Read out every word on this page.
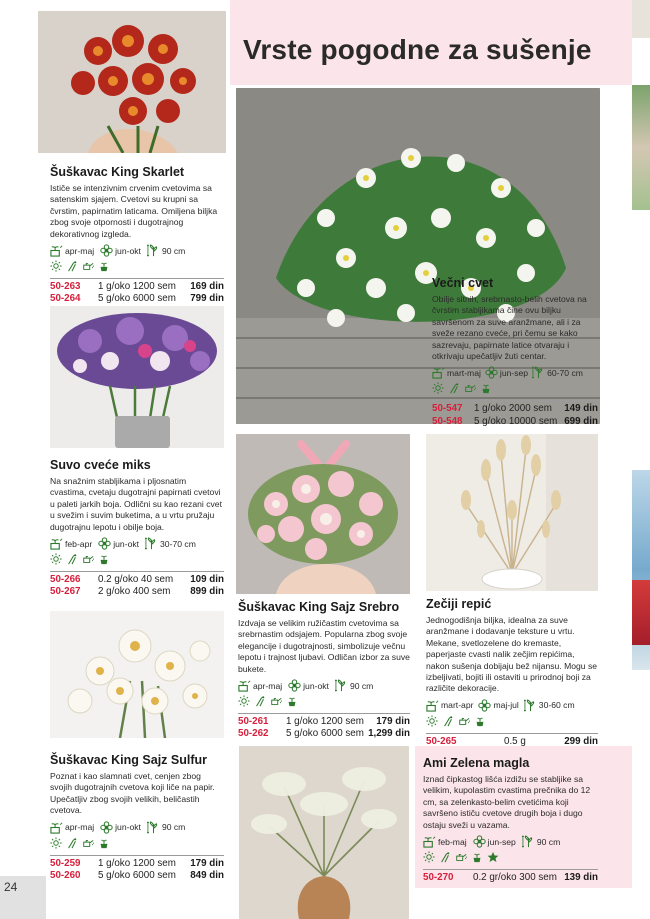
Vrste pogodne za sušenje
Šuškavac King Skarlet
Ističe se intenzivnim crvenim cvetovima sa satenskim sjajem. Cvetovi su krupni sa čvrstim, papirnatim laticama. Omiljena biljka zbog svoje otpornosti i dugotrajnog dekorativnog izgleda.
apr-maj jun-okt 90 cm
50-263	1 g/oko 1200 sem	169 din
50-264	5 g/oko 6000 sem	799 din
Večni cvet
Obilje sitnih, srebrnasto-belih cvetova na čvrstim stabljikama čine ovu biljku savršenom za suve aranžmane, ali i za sveže rezano cveće, pri čemu se kako sazrevaju, papirnate latice otvaraju i otkrivaju upečatljiv žuti centar.
mart-maj jun-sep 60-70 cm
50-547	1 g/oko 2000 sem	149 din
50-548	5 g/oko 10000 sem 699 din
Suvo cveće miks
Na snažnim stabljikama i pljosnatim cvastima, cvetaju dugotrajni papirnati cvetovi u paleti jarkih boja. Odlični su kao rezani cvet u svežim i suvim buketima, a u vrtu pružaju dugotrajnu lepotu i obilje boja.
feb-apr jun-okt 30-70 cm
50-266	0.2 g/oko 40 sem	109 din
50-267	2 g/oko 400 sem	899 din
Šuškavac King Sajz Srebro
Izdvaja se velikim ružičastim cvetovima sa srebrnastim odsjajem. Popularna zbog svoje elegancije i dugotrajnosti, simbolizuje večnu lepotu i trajnost ljubavi. Odličan izbor za suve bukete.
apr-maj jun-okt 90 cm
50-261	1 g/oko 1200 sem	179 din
50-262	5 g/oko 6000 sem 1,299 din
Zečiji repić
Jednogodišnja biljka, idealna za suve aranžmane i dodavanje teksture u vrtu. Mekane, svetlozelene do kremaste, paperjaste cvasti nalik zečjim repićima, nakon sušenja dobijaju bež nijansu. Mogu se izbeljivati, bojiti ili ostaviti u prirodnoj boji za različite dekoracije.
mart-apr maj-jul 30-60 cm
50-265	0.5 g	299 din
Šuškavac King Sajz Sulfur
Poznat i kao slamnati cvet, cenjen zbog svojih dugotrajnih cvetova koji liče na papir. Upečatljiv zbog svojih velikih, beličastih cvetova.
apr-maj jun-okt 90 cm
50-259	1 g/oko 1200 sem	179 din
50-260	5 g/oko 6000 sem	849 din
Ami Zelena magla
Iznad čipkastog lišća izdižu se stabljike sa velikim, kupolastim cvastima prečnika do 12 cm, sa zelenkasto-belim cvetićima koji savršeno ističu cvetove drugih boja i dugo ostaju sveži u vazama.
feb-maj jun-sep 90 cm
50-270	0.2 gr/oko 300 sem 139 din
24
